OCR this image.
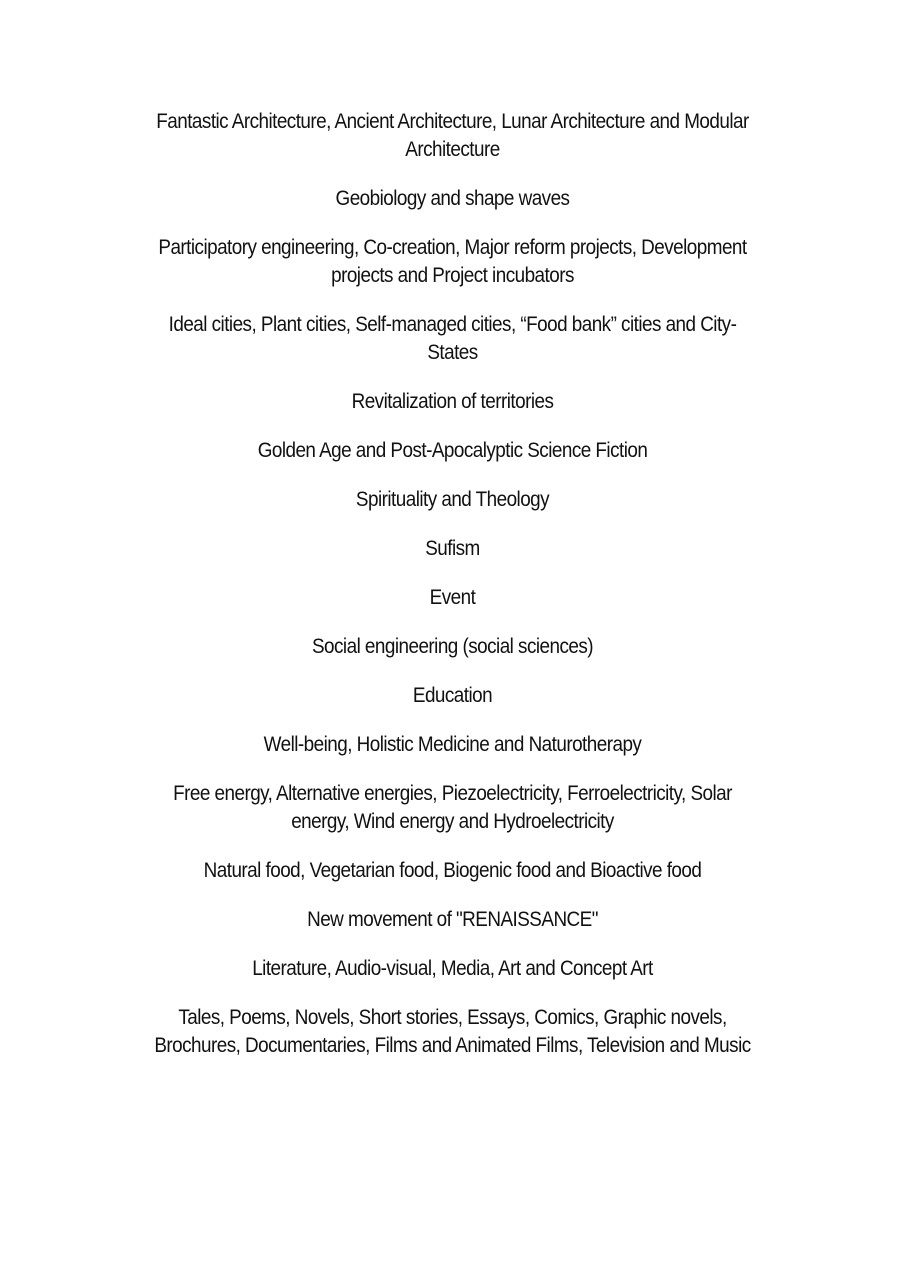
Fantastic Architecture, Ancient Architecture, Lunar Architecture and Modular Architecture

Geobiology and shape waves

Participatory engineering, Co-creation, Major reform projects, Development projects and Project incubators

Ideal cities, Plant cities, Self-managed cities, “Food bank” cities and City-States

Revitalization of territories

Golden Age and Post-Apocalyptic Science Fiction

Spirituality and Theology

Sufism

Event

Social engineering (social sciences)

Education

Well-being, Holistic Medicine and Naturotherapy

Free energy, Alternative energies, Piezoelectricity, Ferroelectricity, Solar energy, Wind energy and Hydroelectricity

Natural food, Vegetarian food, Biogenic food and Bioactive food

New movement of "RENAISSANCE"

Literature, Audio-visual, Media, Art and Concept Art

Tales, Poems, Novels, Short stories, Essays, Comics, Graphic novels, Brochures, Documentaries, Films and Animated Films, Television and Music
